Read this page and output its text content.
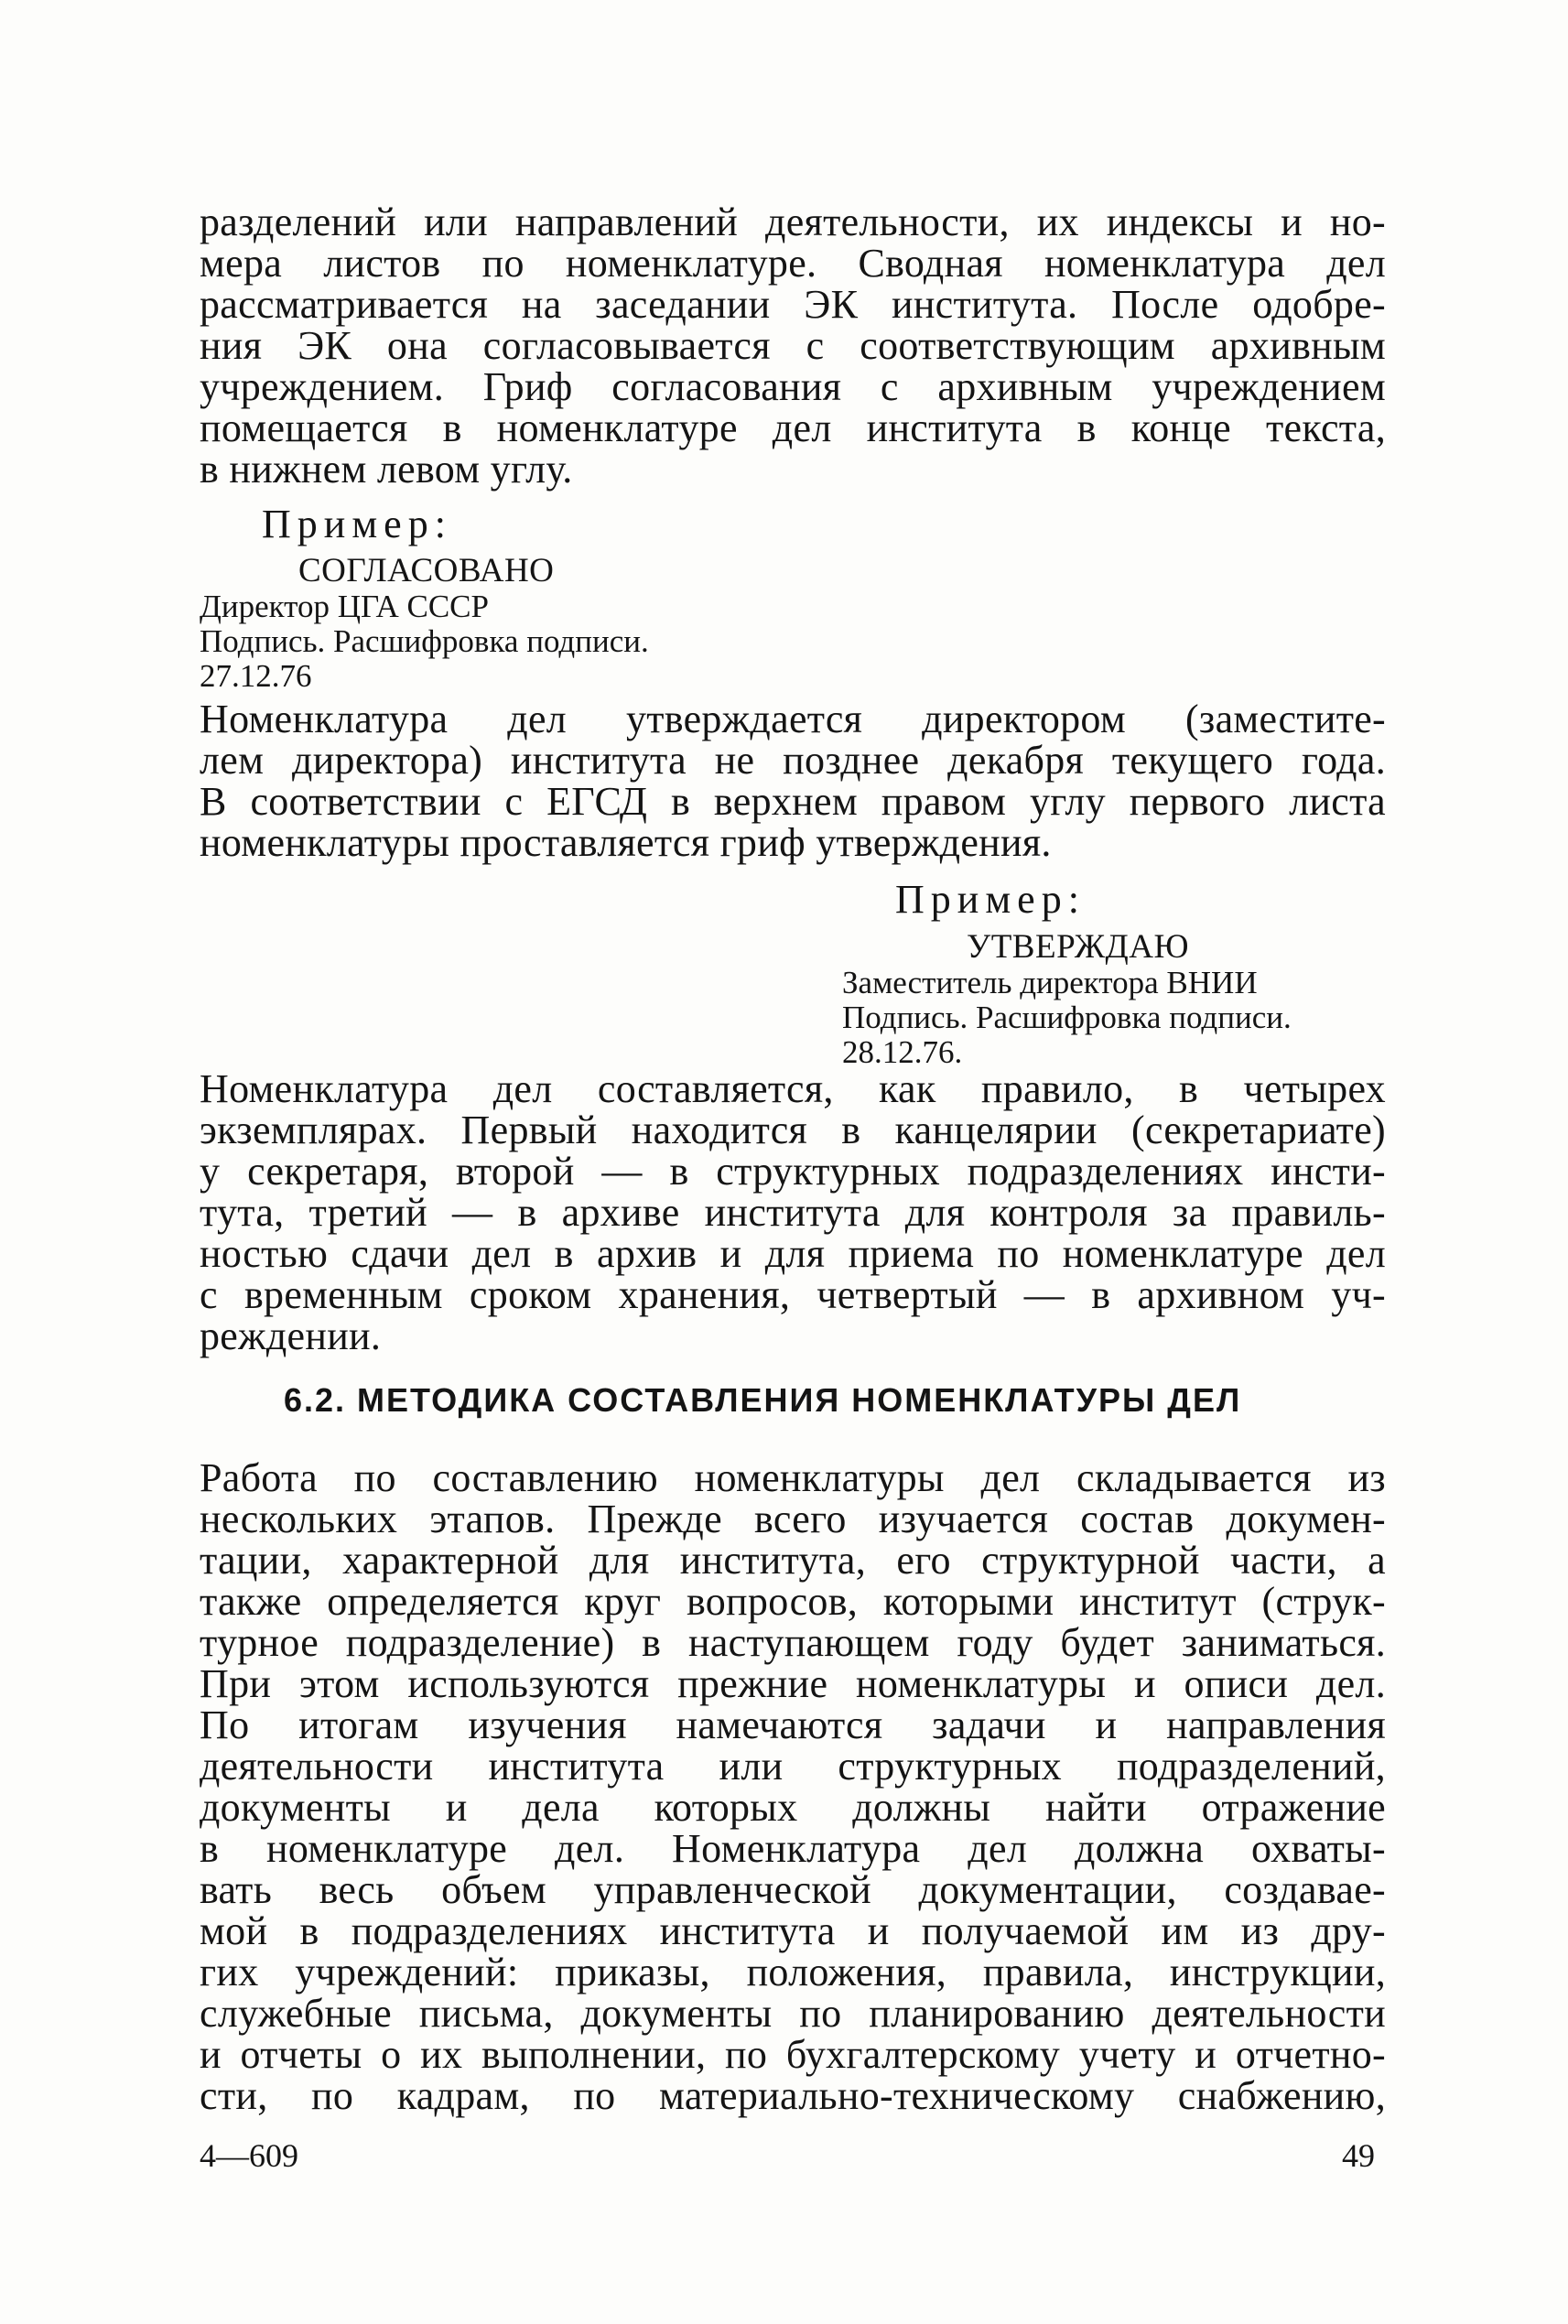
разделений или направлений деятельности, их индексы и но-

мера листов по номенклатуре. Сводная номенклатура дел

рассматривается на заседании ЭК института. После одобре-

ния ЭК она согласовывается с соответствующим архивным

учреждением. Гриф согласования с архивным учреждением

помещается в номенклатуре дел института в конце текста,

в нижнем левом углу.

Пример:

СОГЛАСОВАНО

Директор ЦГА СССР

Подпись. Расшифровка подписи.

27.12.76

Номенклатура дел утверждается директором (заместите-

лем директора) института не позднее декабря текущего года.

В соответствии с ЕГСД в верхнем правом углу первого листа

номенклатуры проставляется гриф утверждения.

Пример:

УТВЕРЖДАЮ

Заместитель директора ВНИИ

Подпись. Расшифровка подписи.

28.12.76.

Номенклатура дел составляется, как правило, в четырех

экземплярах. Первый находится в канцелярии (секретариате)

у секретаря, второй — в структурных подразделениях инсти-

тута, третий — в архиве института для контроля за правиль-

ностью сдачи дел в архив и для приема по номенклатуре дел

с временным сроком хранения, четвертый — в архивном уч-

реждении.

6.2. МЕТОДИКА СОСТАВЛЕНИЯ НОМЕНКЛАТУРЫ ДЕЛ

Работа по составлению номенклатуры дел складывается из

нескольких этапов. Прежде всего изучается состав докумен-

тации, характерной для института, его структурной части, а

также определяется круг вопросов, которыми институт (струк-

турное подразделение) в наступающем году будет заниматься.

При этом используются прежние номенклатуры и описи дел.

По итогам изучения намечаются задачи и направления

деятельности института или структурных подразделений,

документы и дела которых должны найти отражение

в номенклатуре дел. Номенклатура дел должна охваты-

вать весь объем управленческой документации, создавае-

мой в подразделениях института и получаемой им из дру-

гих учреждений: приказы, положения, правила, инструкции,

служебные письма, документы по планированию деятельности

и отчеты о их выполнении, по бухгалтерскому учету и отчетно-

сти, по кадрам, по материально-техническому снабжению,

4—609	49
